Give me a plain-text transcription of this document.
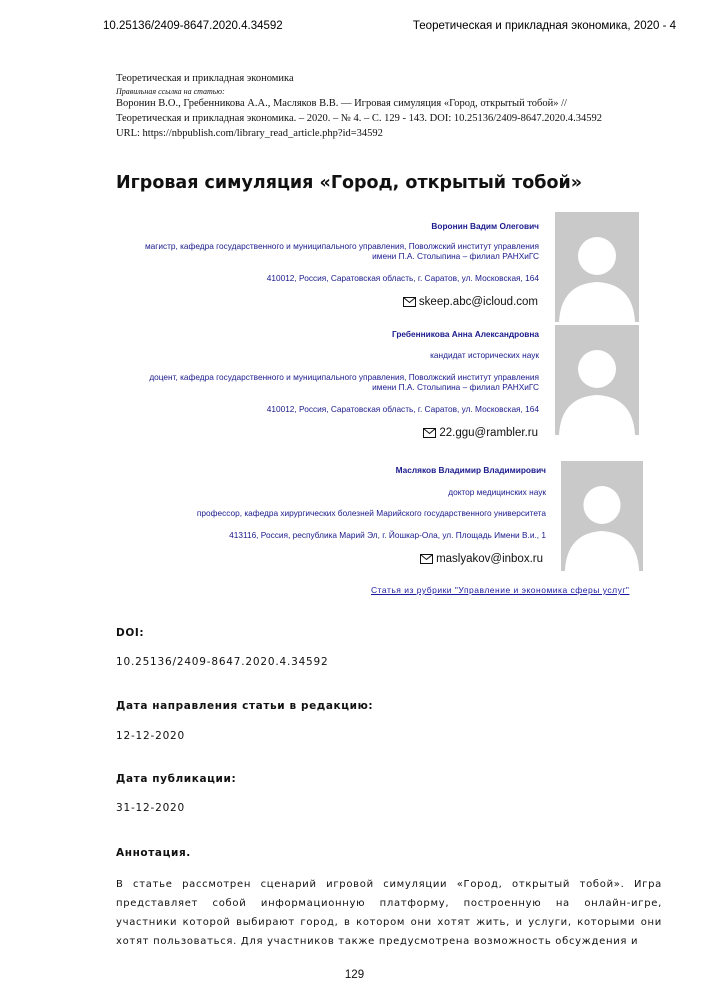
10.25136/2409-8647.2020.4.34592	Теоретическая и прикладная экономика, 2020 - 4
Теоретическая и прикладная экономика
Правильная ссылка на статью:
Воронин В.О., Гребенникова А.А., Масляков В.В. — Игровая симуляция «Город, открытый тобой» //
Теоретическая и прикладная экономика. – 2020. – № 4. – С. 129 - 143. DOI: 10.25136/2409-8647.2020.4.34592
URL: https://nbpublish.com/library_read_article.php?id=34592
Игровая симуляция «Город, открытый тобой»
Воронин Вадим Олегович
магистр, кафедра государственного и муниципального управления, Поволжский институт управления
имени П.А. Столыпина – филиал РАНХиГС
410012, Россия, Саратовская область, г. Саратов, ул. Московская, 164
skeep.abc@icloud.com
Гребенникова Анна Александровна
кандидат исторических наук
доцент, кафедра государственного и муниципального управления, Поволжский институт управления
имени П.А. Столыпина – филиал РАНХиГС
410012, Россия, Саратовская область, г. Саратов, ул. Московская, 164
22.ggu@rambler.ru
Масляков Владимир Владимирович
доктор медицинских наук
профессор, кафедра хирургических болезней Марийского государственного университета
413116, Россия, республика Марий Эл, г. Йошкар-Ола, ул. Площадь Имени В.и., 1
maslyakov@inbox.ru
Статья из рубрики "Управление и экономика сферы услуг"
DOI:
10.25136/2409-8647.2020.4.34592
Дата направления статьи в редакцию:
12-12-2020
Дата публикации:
31-12-2020
Аннотация.
В статье рассмотрен сценарий игровой симуляции «Город, открытый тобой». Игра представляет собой информационную платформу, построенную на онлайн-игре, участники которой выбирают город, в котором они хотят жить, и услуги, которыми они хотят пользоваться. Для участников также предусмотрена возможность обсуждения и
129
